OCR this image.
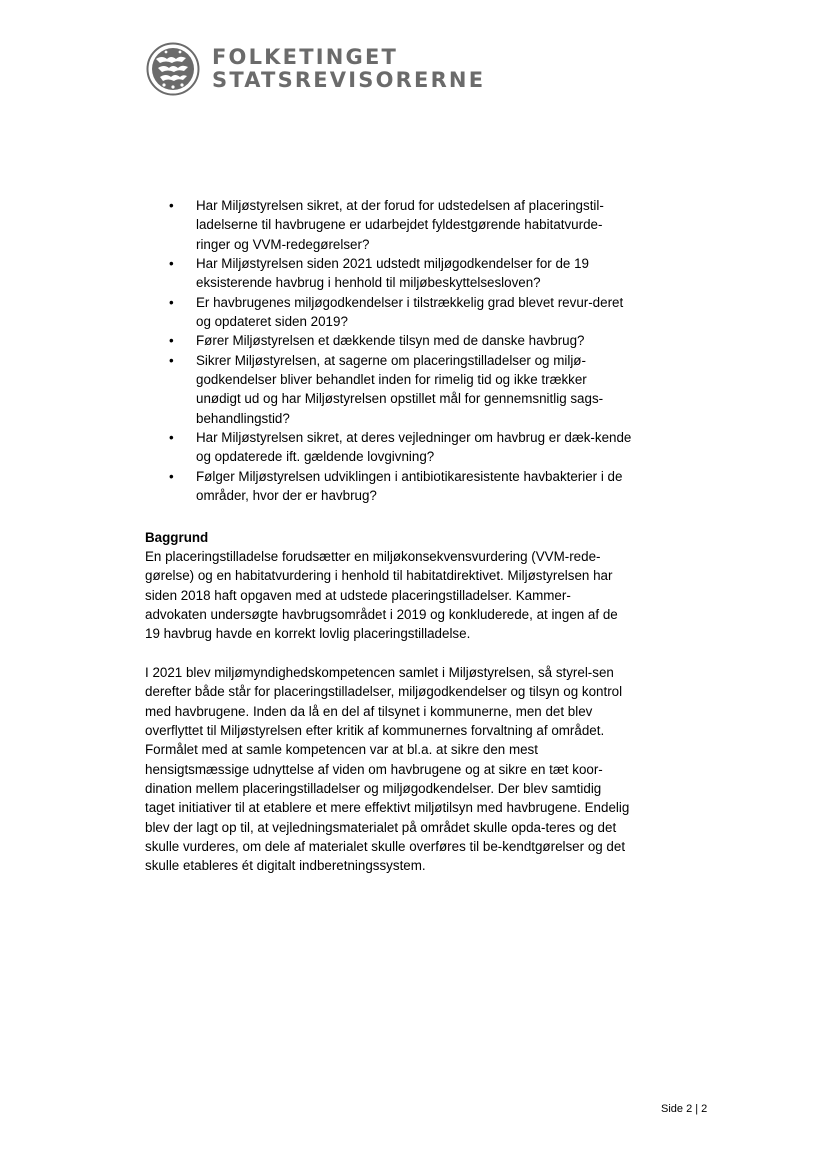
FOLKETINGET
STATSREVISORERNE
• Har Miljøstyrelsen sikret, at der forud for udstedelsen af placeringstil-ladelserne til havbrugene er udarbejdet fyldestgørende habitatvurde-ringer og VVM-redegørelser?
• Har Miljøstyrelsen siden 2021 udstedt miljøgodkendelser for de 19 eksisterende havbrug i henhold til miljøbeskyttelsesloven?
• Er havbrugenes miljøgodkendelser i tilstrækkelig grad blevet revur-deret og opdateret siden 2019?
• Fører Miljøstyrelsen et dækkende tilsyn med de danske havbrug?
• Sikrer Miljøstyrelsen, at sagerne om placeringstilladelser og miljø-godkendelser bliver behandlet inden for rimelig tid og ikke trækker unødigt ud og har Miljøstyrelsen opstillet mål for gennemsnitlig sags-behandlingstid?
• Har Miljøstyrelsen sikret, at deres vejledninger om havbrug er dæk-kende og opdaterede ift. gældende lovgivning?
• Følger Miljøstyrelsen udviklingen i antibiotikaresistente havbakterier i de områder, hvor der er havbrug?
Baggrund

En placeringstilladelse forudsætter en miljøkonsekvensvurdering (VVM-rede-gørelse) og en habitatvurdering i henhold til habitatdirektivet. Miljøstyrelsen har siden 2018 haft opgaven med at udstede placeringstilladelser. Kammer-advokaten undersøgte havbrugsområdet i 2019 og konkluderede, at ingen af de 19 havbrug havde en korrekt lovlig placeringstilladelse.

I 2021 blev miljømyndighedskompetencen samlet i Miljøstyrelsen, så styrel-sen derefter både står for placeringstilladelser, miljøgodkendelser og tilsyn og kontrol med havbrugene. Inden da lå en del af tilsynet i kommunerne, men det blev overflyttet til Miljøstyrelsen efter kritik af kommunernes forvaltning af området. Formålet med at samle kompetencen var at bl.a. at sikre den mest hensigtsmæssige udnyttelse af viden om havbrugene og at sikre en tæt koor-dination mellem placeringstilladelser og miljøgodkendelser. Der blev samtidig taget initiativer til at etablere et mere effektivt miljøtilsyn med havbrugene. Endelig blev der lagt op til, at vejledningsmaterialet på området skulle opda-teres og det skulle vurderes, om dele af materialet skulle overføres til be-kendtgørelser og det skulle etableres ét digitalt indberetningssystem.

Side 2 | 2
